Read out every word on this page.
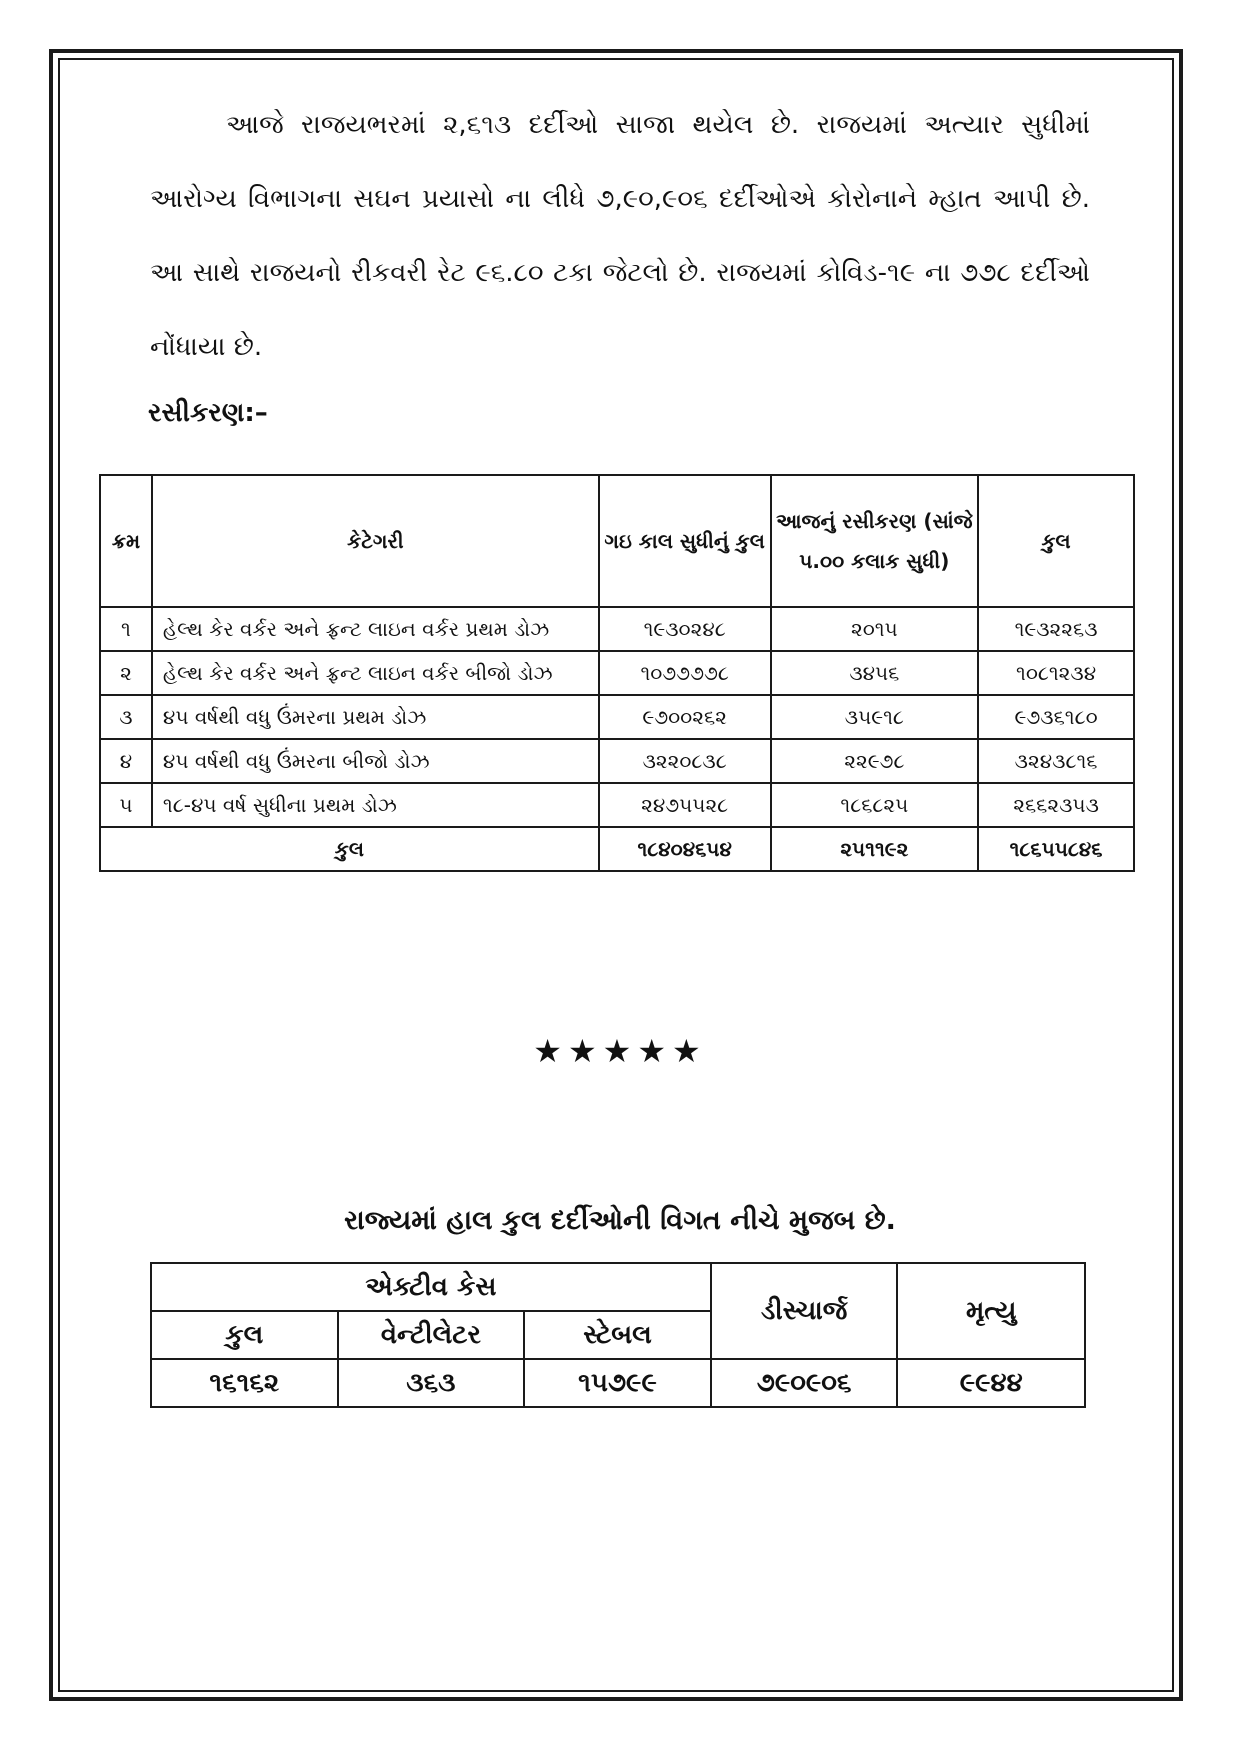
આજે રાજયભરમાં ૨,૬૧૩ દર્દીઓ સાજા થયેલ છે. રાજયમાં અત્યાર સુધીમાં આરોગ્ય વિભાગના સઘન પ્રયાસો ના લીધે ૭,૯૦,૯૦૬ દર્દીઓએ કોરોનાને મ્હાત આપી છે. આ સાથે રાજયનો રીકવરી રેટ ૯૬.૮૦ ટકા જેટલો છે. રાજયમાં કોવિડ-૧૯ ના ૭૭૮ દર્દીઓ નોંધાયા છે.

રસીકરણ:–

ક્રમ	કેટેગરી	ગઇ કાલ સુધીનું કુલ	આજનું રસીકરણ (સાંજે ૫.૦૦ કલાક સુધી)	કુલ
૧	હેલ્થ કેર વર્કર અને ફ્રન્ટ લાઇન વર્કર પ્રથમ ડોઝ	૧૯૩૦૨૪૮	૨૦૧૫	૧૯૩૨૨૬૩
૨	હેલ્થ કેર વર્કર અને ફ્રન્ટ લાઇન વર્કર બીજો ડોઝ	૧૦૭૭૭૭૮	૩૪૫૬	૧૦૮૧૨૩૪
૩	૪૫ વર્ષથી વધુ ઉંમરના પ્રથમ ડોઝ	૯૭૦૦૨૬૨	૩૫૯૧૮	૯૭૩૬૧૮૦
૪	૪૫ વર્ષથી વધુ ઉંમરના બીજો ડોઝ	૩૨૨૦૮૩૮	૨૨૯૭૮	૩૨૪૩૮૧૬
૫	૧૮-૪૫ વર્ષ સુધીના પ્રથમ ડોઝ	૨૪૭૫૫૨૮	૧૮૬૮૨૫	૨૬૬૨૩૫૩
કુલ		૧૮૪૦૪૬૫૪	૨૫૧૧૯૨	૧૮૬૫૫૮૪૬

★★★★★

રાજ્યમાં હાલ કુલ દર્દીઓની વિગત નીચે મુજબ છે.

એક્ટીવ કેસ			ડીસ્ચાર્જ	મૃત્યુ
કુલ	વેન્ટીલેટર	સ્ટેબલ		
૧૬૧૬૨	૩૬૩	૧૫૭૯૯	૭૯૦૯૦૬	૯૯૪૪
